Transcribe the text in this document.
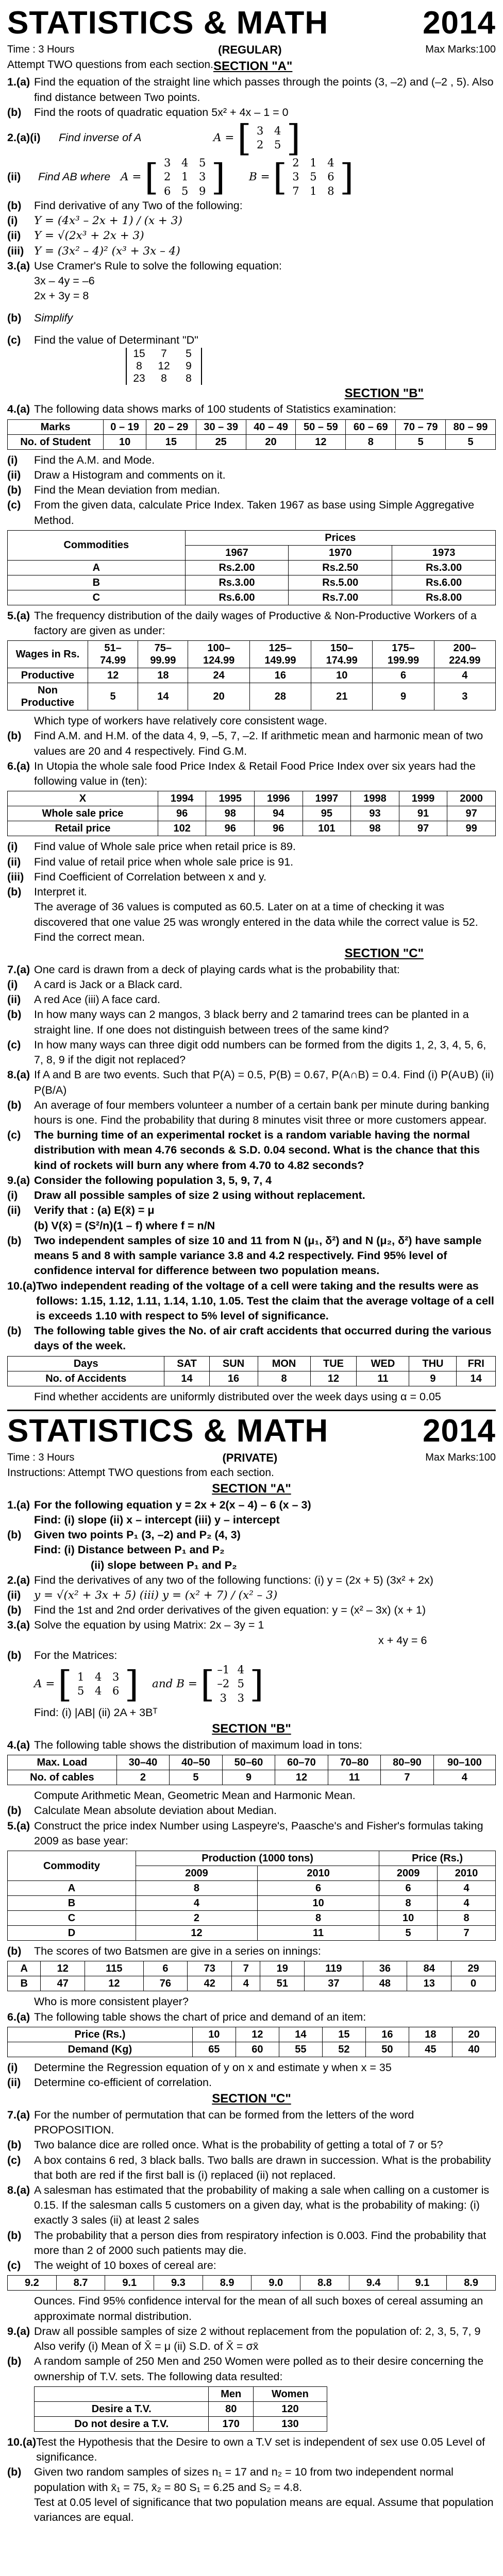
STATISTICS & MATH	2014
Time : 3 Hours	(REGULAR)	Max Marks:100
Attempt TWO questions from each section. SECTION "A"
1.(a) Find the equation of the straight line which passes through the points (3, –2) and (–2 , 5). Also find distance between Two points.
(b)	Find the roots of quadratic equation 5x² + 4x – 1 = 0
2.(a)(i)	Find inverse of A	A = [ 3 4
2 5 ]
(ii)	Find AB where A = [ 3 4 5
2 1 3
6 5 9 ] B = [ 2 1 4
3 5 6
7 1 8 ]
(b)	Find derivative of any Two of the following:
(i)	Y = (4x³ – 2x + 1) / (x + 3)
(ii)	Y = √(2x³ + 2x + 3)
(iii) Y = (3x² – 4)² (x³ + 3x – 4)
3.(a) Use Cramer's Rule to solve the following equation:
3x – 4y = –6
2x + 3y = 8
(b)	Simplify
(c)	Find the value of Determinant "D"
15	7	5
8	12	9
23	8	8
SECTION "B"
4.(a) The following data shows marks of 100 students of Statistics examination:
Marks	0 – 19	20 – 29	30 – 39	40 – 49	50 – 59	60 – 69	70 – 79	80 – 99
No. of Student	10	15	25	20	12	8	5	5
(i)	Find the A.M. and Mode.
(ii)	Draw a Histogram and comments on it.
(b)	Find the Mean deviation from median.
(c)	From the given data, calculate Price Index. Taken 1967 as base using Simple Aggregative Method.
Commodities	Prices		
	1967	1970	1973
A	Rs.2.00	Rs.2.50	Rs.3.00
B	Rs.3.00	Rs.5.00	Rs.6.00
C	Rs.6.00	Rs.7.00	Rs.8.00
5.(a) The frequency distribution of the daily wages of Productive & Non-Productive Workers of a factory are given as under:
Wages in Rs.	51– 74.99	75– 99.99	100– 124.99	125– 149.99	150– 174.99	175– 199.99	200– 224.99
Productive	12	18	24	16	10	6	4
Non Productive	5	14	20	28	21	9	3
Which type of workers have relatively core consistent wage.
(b)	Find A.M. and H.M. of the data 4, 9, –5, 7, –2. If arithmetic mean and harmonic mean of two values are 20 and 4 respectively. Find G.M.
6.(a) In Utopia the whole sale food Price Index & Retail Food Price Index over six years had the following value in (ten):
X	1994	1995	1996	1997	1998	1999	2000
Whole sale price	96	98	94	95	93	91	97
Retail price	102	96	96	101	98	97	99
(i)	Find value of Whole sale price when retail price is 89.
(ii)	Find value of retail price when whole sale price is 91.
(iii) Find Coefficient of Correlation between x and y.
(b)	Interpret it.
The average of 36 values is computed as 60.5. Later on at a time of checking it was discovered that one value 25 was wrongly entered in the data while the correct value is 52. Find the correct mean.
SECTION "C"
7.(a) One card is drawn from a deck of playing cards what is the probability that:
(i)	A card is Jack or a Black card.
(ii)	A red Ace (iii) A face card.
(b)	In how many ways can 2 mangos, 3 black berry and 2 tamarind trees can be planted in a straight line. If one does not distinguish between trees of the same kind?
(c)	In how many ways can three digit odd numbers can be formed from the digits 1, 2, 3, 4, 5, 6, 7, 8, 9 if the digit not replaced?
8.(a) If A and B are two events. Such that P(A) = 0.5, P(B) = 0.67, P(A∩B) = 0.4. Find (i) P(A∪B) (ii) P(B/A)
(b)	An average of four members volunteer a number of a certain bank per minute during banking hours is one. Find the probability that during 8 minutes visit three or more customers appear.
(c)	The burning time of an experimental rocket is a random variable having the normal distribution with mean 4.76 seconds & S.D. 0.04 second. What is the chance that this kind of rockets will burn any where from 4.70 to 4.82 seconds?
9.(a) Consider the following population 3, 5, 9, 7, 4
(i)	Draw all possible samples of size 2 using without replacement.
(ii)	Verify that : (a) E(x̄) = μ
(b) V(x̄) = (S²/n)(1 – f) where f = n/N
(b)	Two independent samples of size 10 and 11 from N (μ₁, δ²) and N (μ₂, δ²) have sample means 5 and 8 with sample variance 3.8 and 4.2 respectively. Find 95% level of confidence interval for difference between two population means.
10.(a) Two independent reading of the voltage of a cell were taking and the results were as follows: 1.15, 1.12, 1.11, 1.14, 1.10, 1.05. Test the claim that the average voltage of a cell is exceeds 1.10 with respect to 5% level of significance.
(b)	The following table gives the No. of air craft accidents that occurred during the various days of the week.
Days	SAT	SUN	MON	TUE	WED	THU	FRI
No. of Accidents	14	16	8	12	11	9	14
Find whether accidents are uniformly distributed over the week days using α = 0.05
STATISTICS & MATH	2014
Time : 3 Hours	(PRIVATE)	Max Marks:100
Instructions: Attempt TWO questions from each section.
SECTION "A"
1.(a) For the following equation y = 2x + 2(x – 4) – 6 (x – 3)
Find: (i) slope (ii) x – intercept (iii) y – intercept
(b)	Given two points P₁ (3, –2) and P₂ (4, 3)
Find: (i) Distance between P₁ and P₂
(ii) slope between P₁ and P₂
2.(a) Find the derivatives of any two of the following functions: (i) y = (2x + 5) (3x² + 2x)
(ii)	y = √(x² + 3x + 5) (iii) y = (x² + 7) / (x² – 3)
(b)	Find the 1st and 2nd order derivatives of the given equation: y = (x² – 3x) (x + 1)
3.(a) Solve the equation by using Matrix: 2x – 3y = 1
x + 4y = 6
(b)	For the Matrices:
A = [ 1 4 3
5 4 6 ] and B = [ –1 4
–2 5
3 3 ]
Find: (i) |AB| (ii) 2A + 3Bᵀ
SECTION "B"
4.(a) The following table shows the distribution of maximum load in tons:
Max. Load	30–40	40–50	50–60	60–70	70–80	80–90	90–100
No. of cables	2	5	9	12	11	7	4
Compute Arithmetic Mean, Geometric Mean and Harmonic Mean.
(b)	Calculate Mean absolute deviation about Median.
5.(a) Construct the price index Number using Laspeyre's, Paasche's and Fisher's formulas taking 2009 as base year:
Commodity	Production (1000 tons)		Price (Rs.)	
	2009	2010	2009	2010
A	8	6	6	4
B	4	10	8	4
C	2	8	10	8
D	12	11	5	7
(b)	The scores of two Batsmen are give in a series on innings:
A	12	115	6	73	7	19	119	36	84	29
B	47	12	76	42	4	51	37	48	13	0
Who is more consistent player?
6.(a) The following table shows the chart of price and demand of an item:
Price (Rs.)	10	12	14	15	16	18	20
Demand (Kg)	65	60	55	52	50	45	40
(i)	Determine the Regression equation of y on x and estimate y when x = 35
(ii)	Determine co-efficient of correlation.
SECTION "C"
7.(a) For the number of permutation that can be formed from the letters of the word PROPOSITION.
(b)	Two balance dice are rolled once. What is the probability of getting a total of 7 or 5?
(c)	A box contains 6 red, 3 black balls. Two balls are drawn in succession. What is the probability that both are red if the first ball is (i) replaced (ii) not replaced.
8.(a) A salesman has estimated that the probability of making a sale when calling on a customer is 0.15. If the salesman calls 5 customers on a given day, what is the probability of making: (i) exactly 3 sales (ii) at least 2 sales
(b)	The probability that a person dies from respiratory infection is 0.003. Find the probability that more than 2 of 2000 such patients may die.
(c)	The weight of 10 boxes of cereal are:
9.2	8.7	9.1	9.3	8.9	9.0	8.8	9.4	9.1	8.9
Ounces. Find 95% confidence interval for the mean of all such boxes of cereal assuming an approximate normal distribution.
9.(a) Draw all possible samples of size 2 without replacement from the population of: 2, 3, 5, 7, 9
Also verify (i) Mean of X̄ = μ (ii) S.D. of X̄ = σx̄
(b)	A random sample of 250 Men and 250 Women were polled as to their desire concerning the ownership of T.V. sets. The following data resulted:
	Men	Women
Desire a T.V.	80	120
Do not desire a T.V.	170	130
10.(a) Test the Hypothesis that the Desire to own a T.V set is independent of sex use 0.05 Level of significance.
(b)	Given two random samples of sizes n₁ = 17 and n₂ = 10 from two independent normal population with x̄₁ = 75, x̄₂ = 80 S₁ = 6.25 and S₂ = 4.8.
Test at 0.05 level of significance that two population means are equal. Assume that population variances are equal.
